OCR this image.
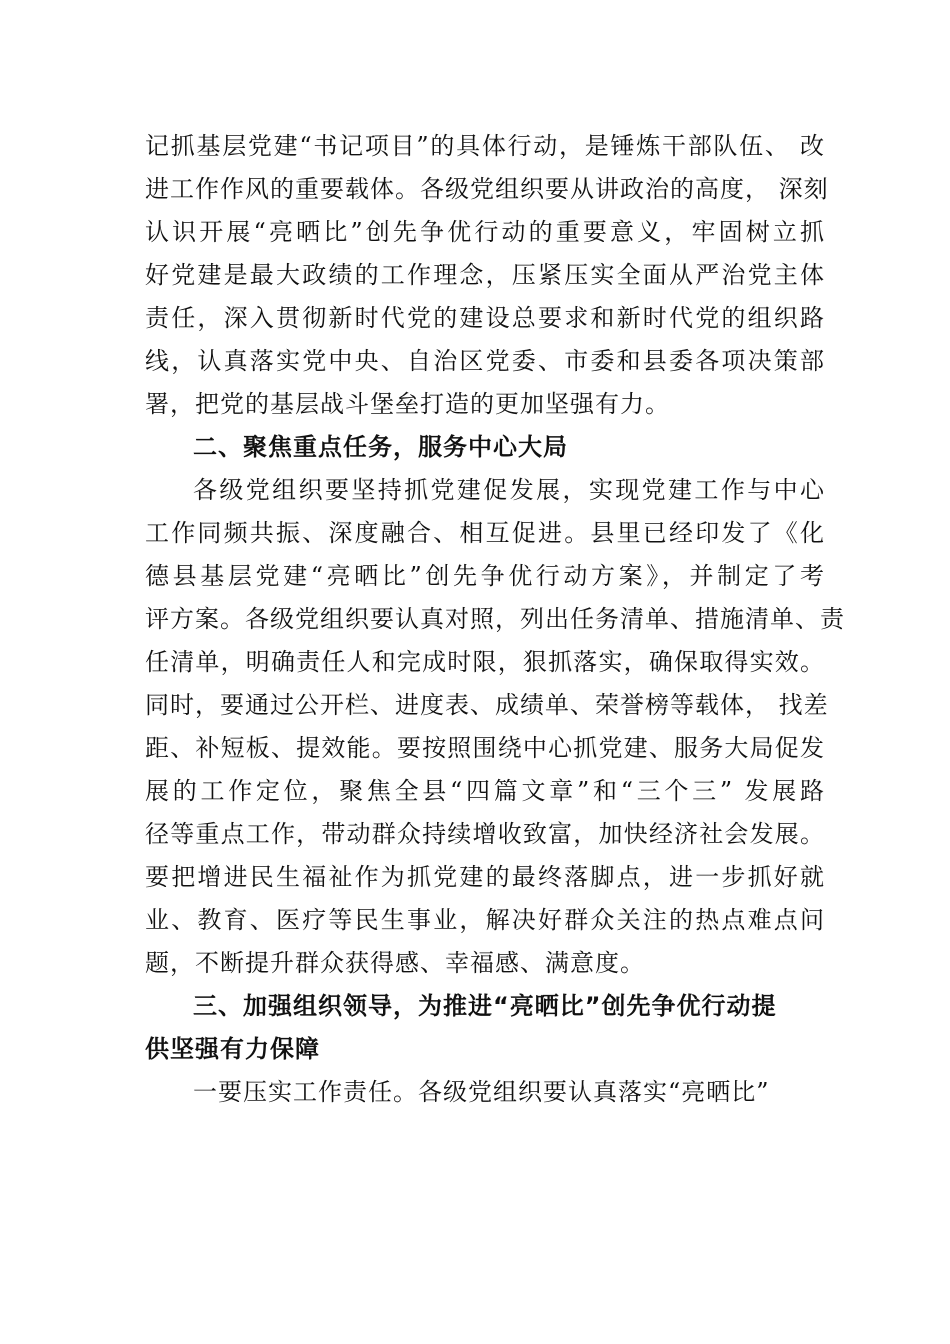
记抓基层党建“书记项目”的具体行动，是锤炼干部队伍、 改
进工作作风的重要载体。各级党组织要从讲政治的高度， 深刻
认识开展“亮晒比”创先争优行动的重要意义，牢固树立抓
好党建是最大政绩的工作理念，压紧压实全面从严治党主体
责任，深入贯彻新时代党的建设总要求和新时代党的组织路
线，认真落实党中央、自治区党委、市委和县委各项决策部
署，把党的基层战斗堡垒打造的更加坚强有力。
二、聚焦重点任务，服务中心大局
各级党组织要坚持抓党建促发展，实现党建工作与中心
工作同频共振、深度融合、相互促进。县里已经印发了《化
德县基层党建“亮晒比”创先争优行动方案》，并制定了考
评方案。各级党组织要认真对照，列出任务清单、措施清单、责
任清单，明确责任人和完成时限，狠抓落实，确保取得实效。
同时，要通过公开栏、进度表、成绩单、荣誉榜等载体， 找差
距、补短板、提效能。要按照围绕中心抓党建、服务大局促发
展的工作定位，聚焦全县“四篇文章”和“三个三” 发展路
径等重点工作，带动群众持续增收致富，加快经济社会发展。
要把增进民生福祉作为抓党建的最终落脚点，进一步抓好就
业、教育、医疗等民生事业，解决好群众关注的热点难点问
题，不断提升群众获得感、幸福感、满意度。
三、加强组织领导，为推进“亮晒比”创先争优行动提
供坚强有力保障
一要压实工作责任。各级党组织要认真落实“亮晒比”
